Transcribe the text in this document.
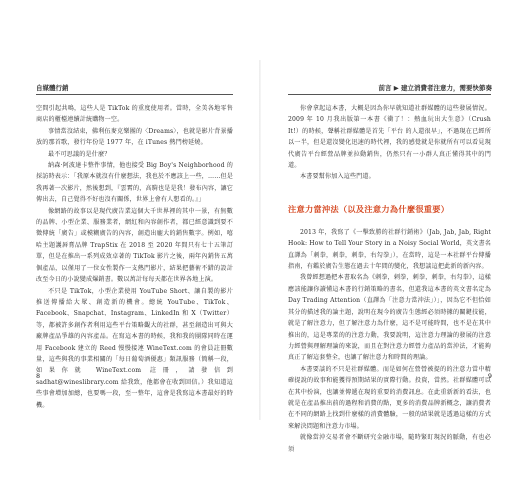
自媒體行銷

空間引起共鳴，這些人是 TikTok 的重度使用者。當時，全美各地零售商店的櫃檯連續計統購物一空。

事情當沒結束，佛利伍麥克樂團的〈Dreams〉，也就是影片背景播放的那首歌，發行年份是 1977 年，在 iTunes 熱門榜延燒。

最不可思議的是什麼？

納森·阿波達卡整件事情，他也接受 Big Boy's Neighborhood 的採訪時表示：「我原本就沒有什麼想法，我也於不應該上一些，……但是我再著一次影片，然後想到，『雲霄的，高騎也是是我！發布內容，讓它傳出去，自己覺得不好也沒有關係，世界上會有人想看的。』」

像網路的故事以是現代廣告業這個大千世界裡的其中一景，有無數的品牌、小型企業、服務業者，網紅和內容創作者，都已經意識到要不徵傳統「廣告」或模糊廣告的內容，創造出龐大的銷售數字。例如，嘻哈主題護唇膏品牌 TrapStix 在 2018 至 2020 年間只有七十五筆訂單，但是在推出一系列成效卓著的 TikTok 影片之後，兩年內銷售五萬個產品，以僅用了一位女性製作一支熱門影片，結果把藝術不錯的設計改至今日的小說變成爆銷書。數以萬計每每天都在世界各地上演。

不只是 TikTok，小型企業使用 YouTube Short、讓自製的影片推送傳播給大眾、創造新的機會。總統 YouTube、TikTok、Facebook、Snapchat、Instagram、LinkedIn 和 X（Twitter）等，都被許多創作者利用這些平台策略觀大的社群，甚至創造出可與大廠牌產品爭雄的內容產品。在寫這本書的時候，我和我的團隊同時在運用 Facebook 建立的 Reed 慢慢接連 WineText.com 的會員註冊數量，這些與我的事業相關的「每日葡萄酒優惠」類訊服務（簡稱一段，如果你就 WineText.com 註冊，請發信到 sadhat@wineslibrary.com 給我致，他都會在收到回信。）我知道這些事會增加加總，也要嗎一段，至一整年，這會是我寫這本書最好的時機。

8
前言 ▶ 建立消費者注意力，需要快節奏

你會拿起這本書，大概是因為你早就知道社群媒體的這些發展情況。2009 年 10 月我出版第一本書《衝了！：熱血玩出大生意》（Crush It!）的時候，聲稱社群媒體是首先「平台 的人還很早」，不過現在已經所以一半，但是還沒變化迅速的時代裡，我的感覺就是你就所有可以看見現代廣告平台經營品牌並拉動銷售，仍然只有一小群人真正懂得其中的門道。

本書要幫你加入這些門道。

注意力當沖法（以及注意力為什麼很重要）

2013 年，我寫了《一擊致勝的社群行銷術》（Jab, Jab, Jab, Right Hook: How to Tell Your Story in a Noisy Social World，英文書名直譯為「刺拳，刺拳，刺拳，右勾拳」），在當時，這是一本社群平台傳播指南，有鑑於廣告生態在過去十年間的變化，我想談這把此新的新內容。

我曾經想過把本書取名為《刺拳，刺拳，刺拳，刺拳，右勾拳》，這樣應該能讓你讀懂這本書的行銷策略的書名，但還我這本書的英文書名定為 Day Trading Attention（直譯為「注意力當沖法」）」，因為它不但恰如其分的描述我的論主題，說明在現今的廣告生態經必須時據的關鍵技能，就是了解注意力，但了解注意力為什麼，這不是可能時間，也不是在其中推出的，這是專業的的注意力動，我要說明，這注意力理論的發展的注意力經營與理解理論的來說，而且在對注意力經營力產品的當沖法，才能夠真正了解這套整全，也讓了解注意力和時間的理論。

本書要談的不只是社群媒體。而是如何在營營被提的的注意力當中精確提說的故事和能獲得預期結果的實際行動。投資，當然。社群媒體可以在其中扮演，也讓並傳遞在現的重要的消費訊息。在此重新新的看法，也就是在產品推出前的過程和消費的點，更多的消費品牌新概念，讓消費者在不同的網路上找到什麼樣的消費體驗，一般的結果就是透過這樣的方式來解決問題和注意力市場。

就像當沖交易者會不斷研究金融市場，隨時緊盯現況的脈動，有也必須

9
